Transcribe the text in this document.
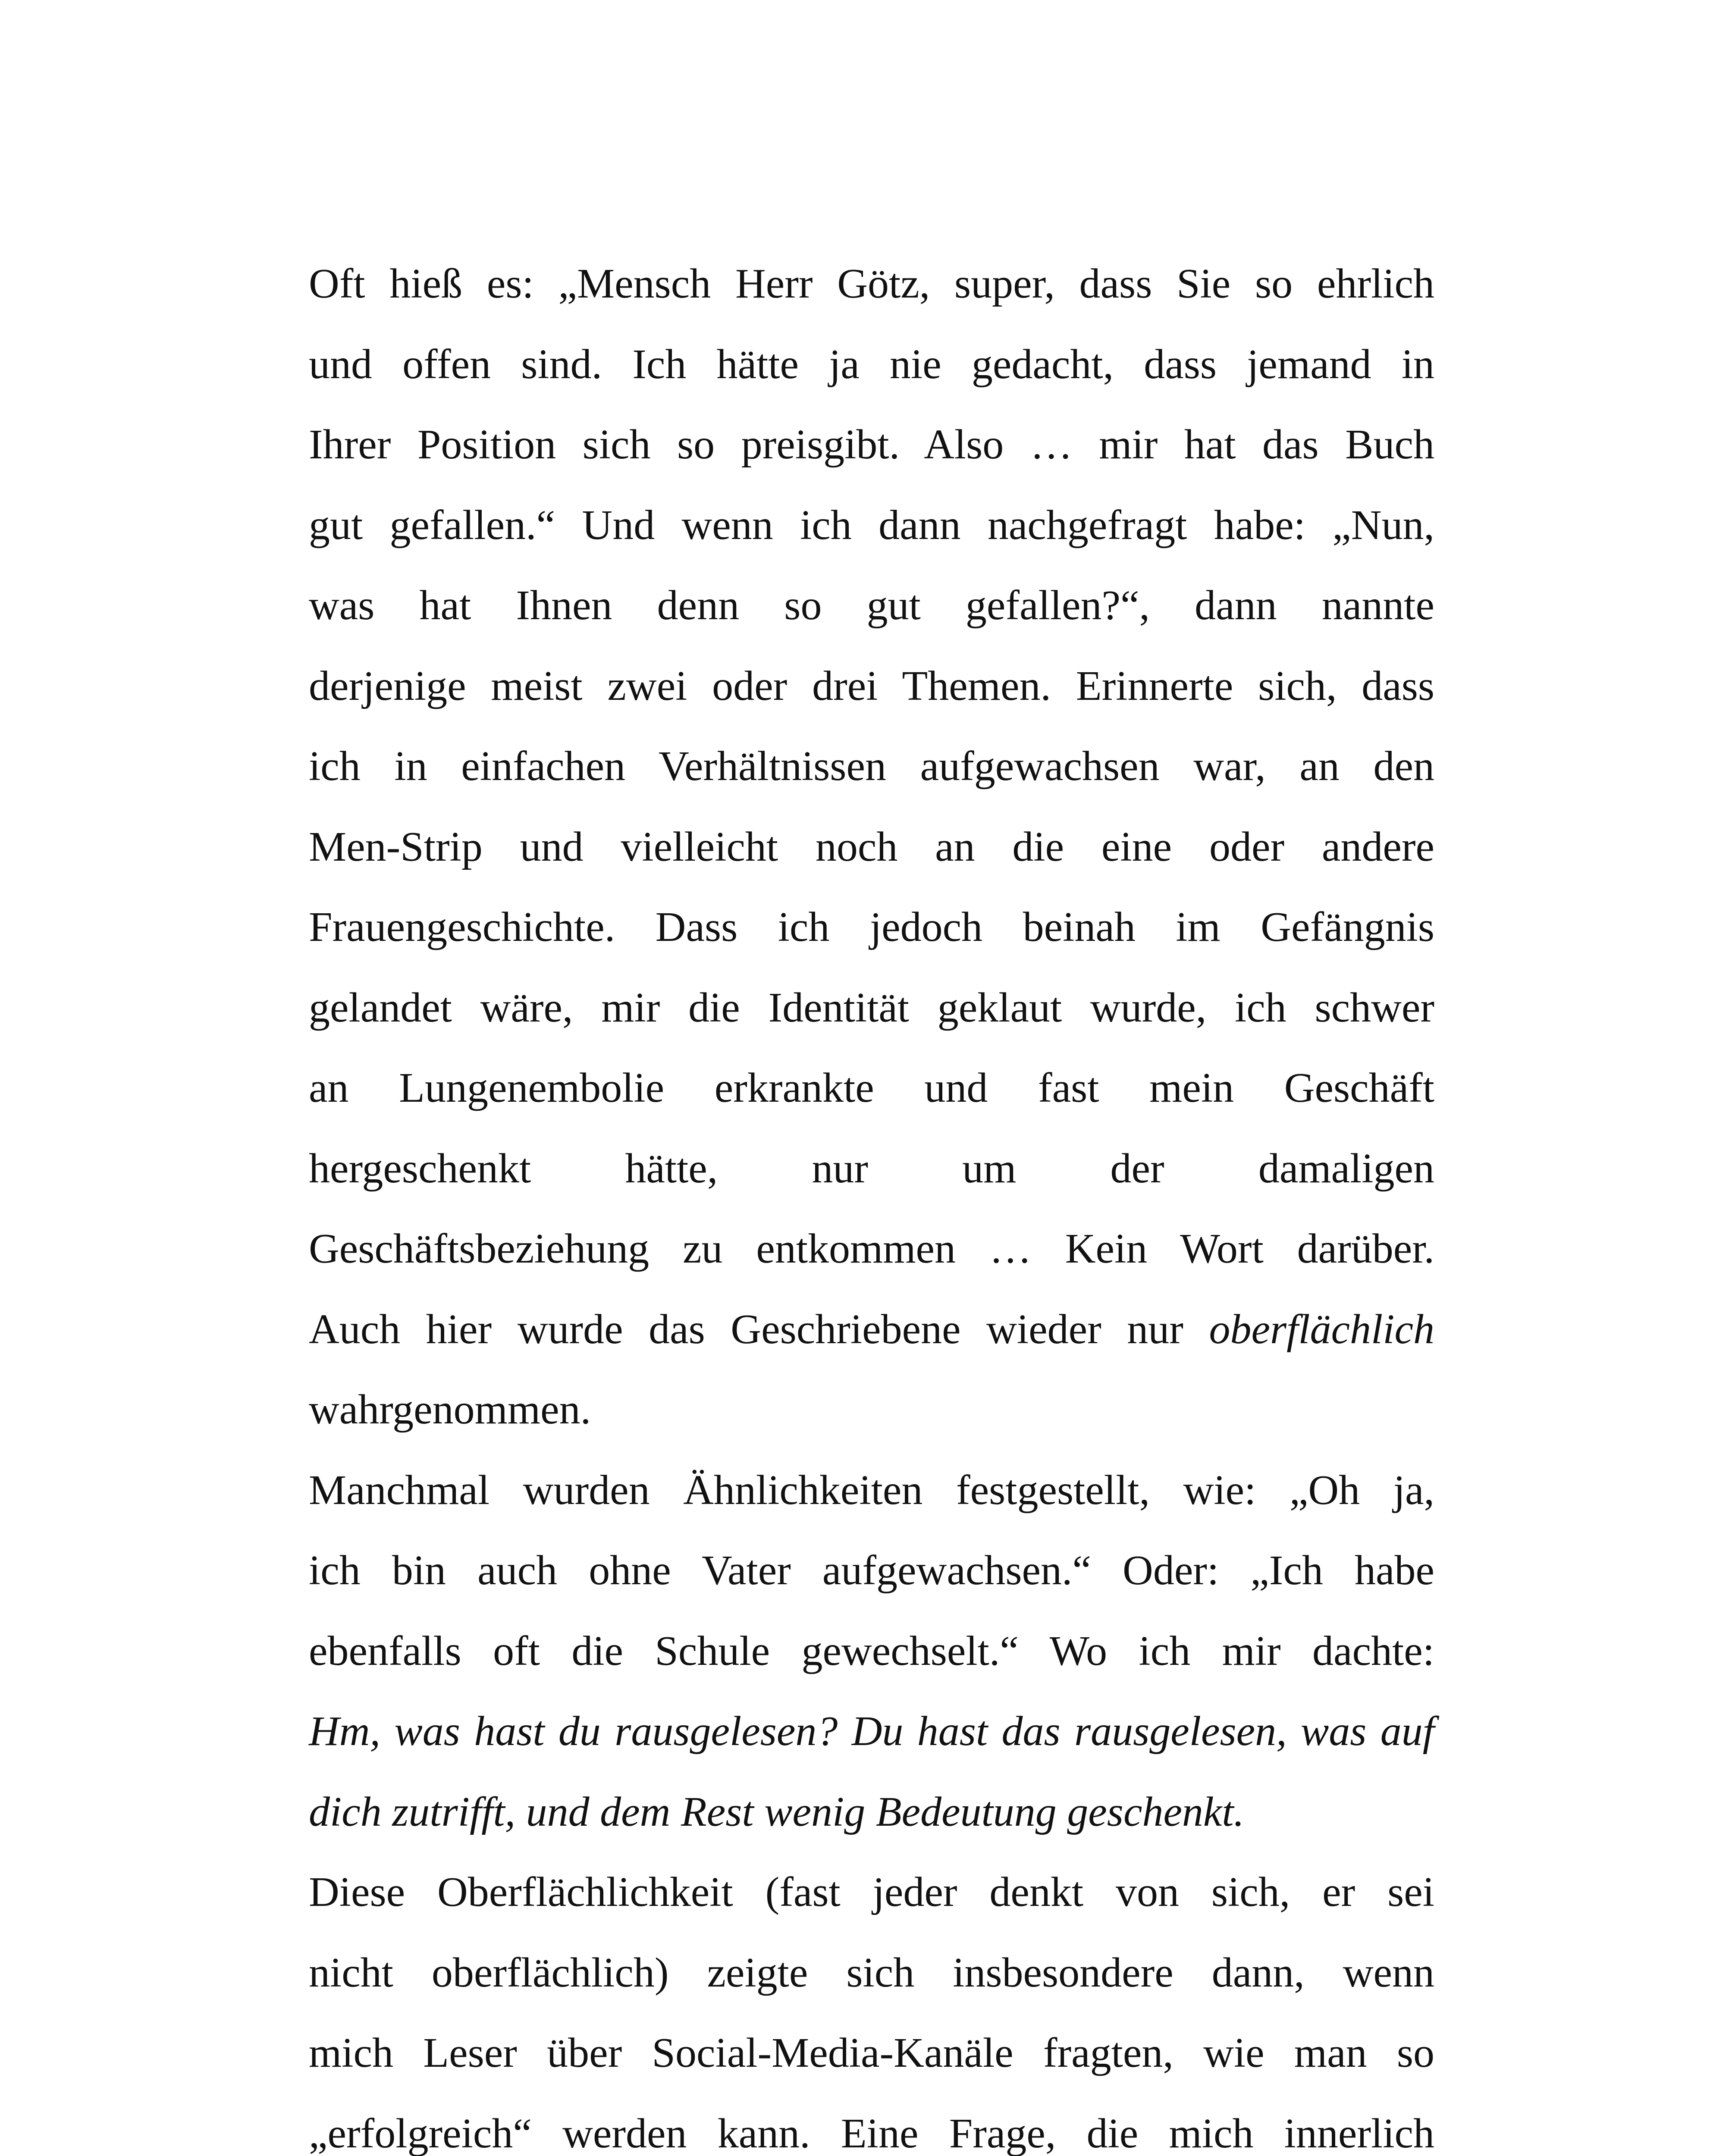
Oft hieß es: „Mensch Herr Götz, super, dass Sie so ehrlich
und offen sind. Ich hätte ja nie gedacht, dass jemand in
Ihrer Position sich so preisgibt. Also … mir hat das Buch
gut gefallen.“ Und wenn ich dann nachgefragt habe: „Nun,
was hat Ihnen denn so gut gefallen?“, dann nannte
derjenige meist zwei oder drei Themen. Erinnerte sich, dass
ich in einfachen Verhältnissen aufgewachsen war, an den
Men-Strip und vielleicht noch an die eine oder andere
Frauengeschichte. Dass ich jedoch beinah im Gefängnis
gelandet wäre, mir die Identität geklaut wurde, ich schwer
an Lungenembolie erkrankte und fast mein Geschäft
hergeschenkt hätte, nur um der damaligen
Geschäftsbeziehung zu entkommen … Kein Wort darüber.
Auch hier wurde das Geschriebene wieder nur oberflächlich
wahrgenommen.
Manchmal wurden Ähnlichkeiten festgestellt, wie: „Oh ja,
ich bin auch ohne Vater aufgewachsen.“ Oder: „Ich habe
ebenfalls oft die Schule gewechselt.“ Wo ich mir dachte:
Hm, was hast du rausgelesen? Du hast das rausgelesen, was auf
dich zutrifft, und dem Rest wenig Bedeutung geschenkt.
Diese Oberflächlichkeit (fast jeder denkt von sich, er sei
nicht oberflächlich) zeigte sich insbesondere dann, wenn
mich Leser über Social-Media-Kanäle fragten, wie man so
„erfolgreich“ werden kann. Eine Frage, die mich innerlich
